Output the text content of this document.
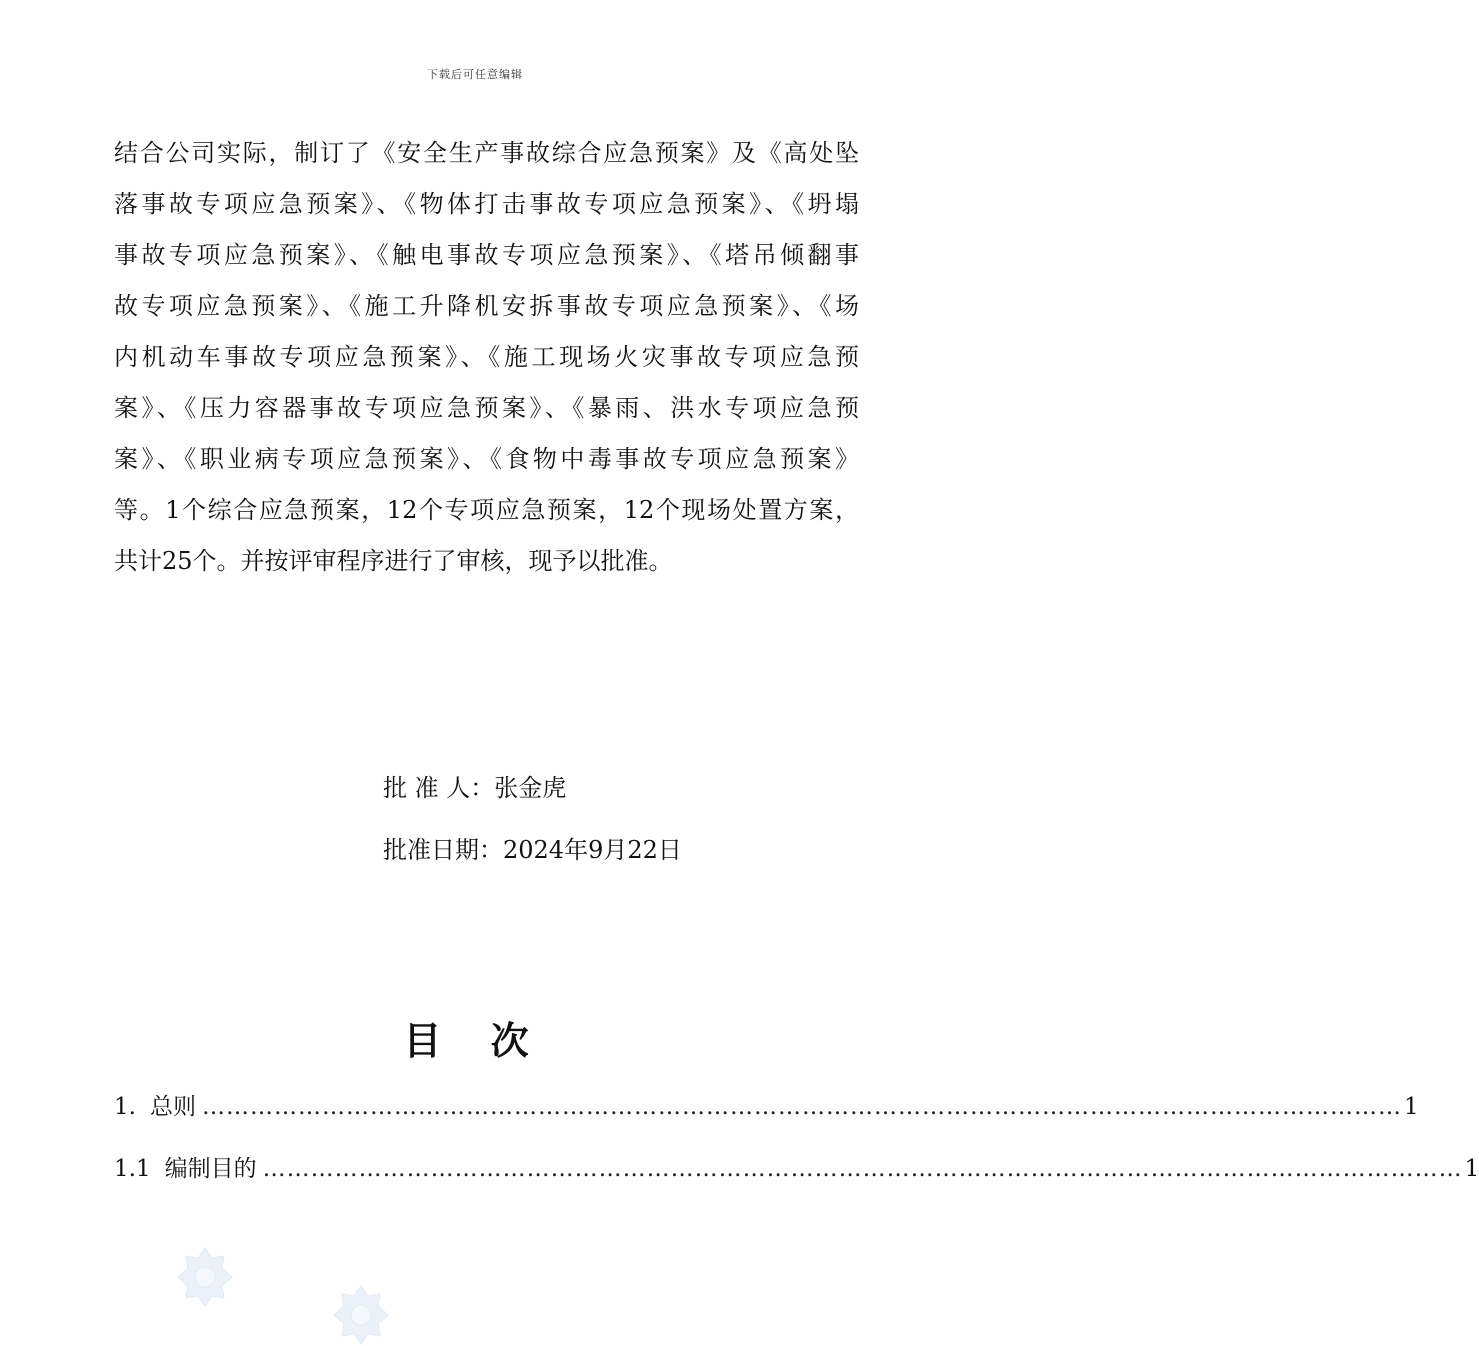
下载后可任意编辑
结合公司实际，制订了《安全生产事故综合应急预案》及《高处坠
落事故专项应急预案》、《物体打击事故专项应急预案》、《坍塌
事故专项应急预案》、《触电事故专项应急预案》、《塔吊倾翻事
故专项应急预案》、《施工升降机安拆事故专项应急预案》、《场
内机动车事故专项应急预案》、《施工现场火灾事故专项应急预
案》、《压力容器事故专项应急预案》、《暴雨、洪水专项应急预
案》、《职业病专项应急预案》、《食物中毒事故专项应急预案》
等。1个综合应急预案，12个专项应急预案，12个现场处置方案，
共计25个。并按评审程序进行了审核，现予以批准。
批 准 人：张金虎
批准日期：2024年9月22日
目 次
1. 总则 …………………………………………………………………………………………………………………………………… 1
1.1 编制目的 …………………………………………………………………………………………………………………………………… 1
